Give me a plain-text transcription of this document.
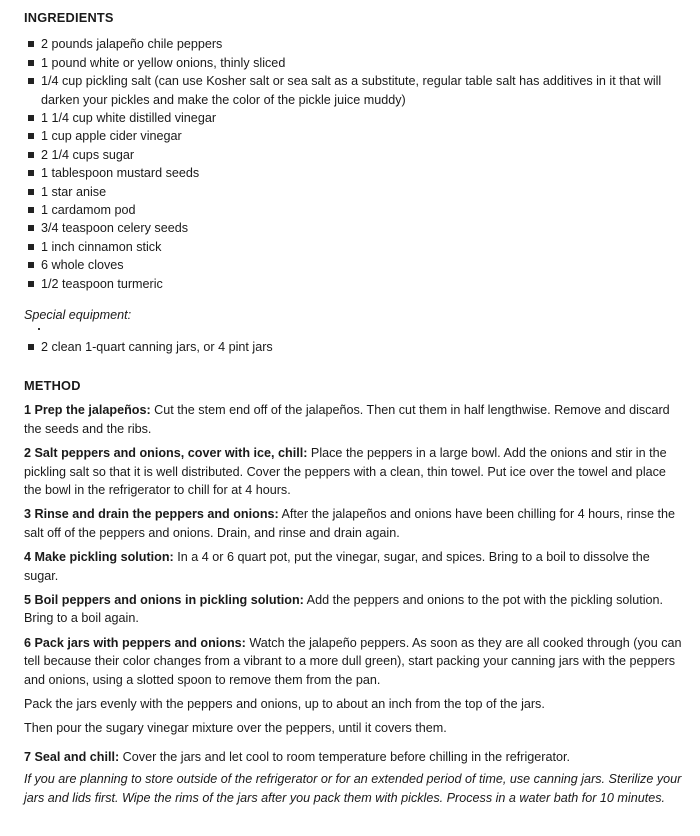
INGREDIENTS
2 pounds jalapeño chile peppers
1 pound white or yellow onions, thinly sliced
1/4 cup pickling salt (can use Kosher salt or sea salt as a substitute, regular table salt has additives in it that will darken your pickles and make the color of the pickle juice muddy)
1 1/4 cup white distilled vinegar
1 cup apple cider vinegar
2 1/4 cups sugar
1 tablespoon mustard seeds
1 star anise
1 cardamom pod
3/4 teaspoon celery seeds
1 inch cinnamon stick
6 whole cloves
1/2 teaspoon turmeric

Special equipment:

2 clean 1-quart canning jars, or 4 pint jars
METHOD

1 Prep the jalapeños: Cut the stem end off of the jalapeños. Then cut them in half lengthwise. Remove and discard the seeds and the ribs.

2 Salt peppers and onions, cover with ice, chill: Place the peppers in a large bowl. Add the onions and stir in the pickling salt so that it is well distributed. Cover the peppers with a clean, thin towel. Put ice over the towel and place the bowl in the refrigerator to chill for at 4 hours.

3 Rinse and drain the peppers and onions: After the jalapeños and onions have been chilling for 4 hours, rinse the salt off of the peppers and onions. Drain, and rinse and drain again.

4 Make pickling solution: In a 4 or 6 quart pot, put the vinegar, sugar, and spices. Bring to a boil to dissolve the sugar.

5 Boil peppers and onions in pickling solution: Add the peppers and onions to the pot with the pickling solution. Bring to a boil again.

6 Pack jars with peppers and onions: Watch the jalapeño peppers. As soon as they are all cooked through (you can tell because their color changes from a vibrant to a more dull green), start packing your canning jars with the peppers and onions, using a slotted spoon to remove them from the pan.

Pack the jars evenly with the peppers and onions, up to about an inch from the top of the jars.

Then pour the sugary vinegar mixture over the peppers, until it covers them.

7 Seal and chill: Cover the jars and let cool to room temperature before chilling in the refrigerator.

If you are planning to store outside of the refrigerator or for an extended period of time, use canning jars. Sterilize your jars and lids first. Wipe the rims of the jars after you pack them with pickles. Process in a water bath for 10 minutes.
